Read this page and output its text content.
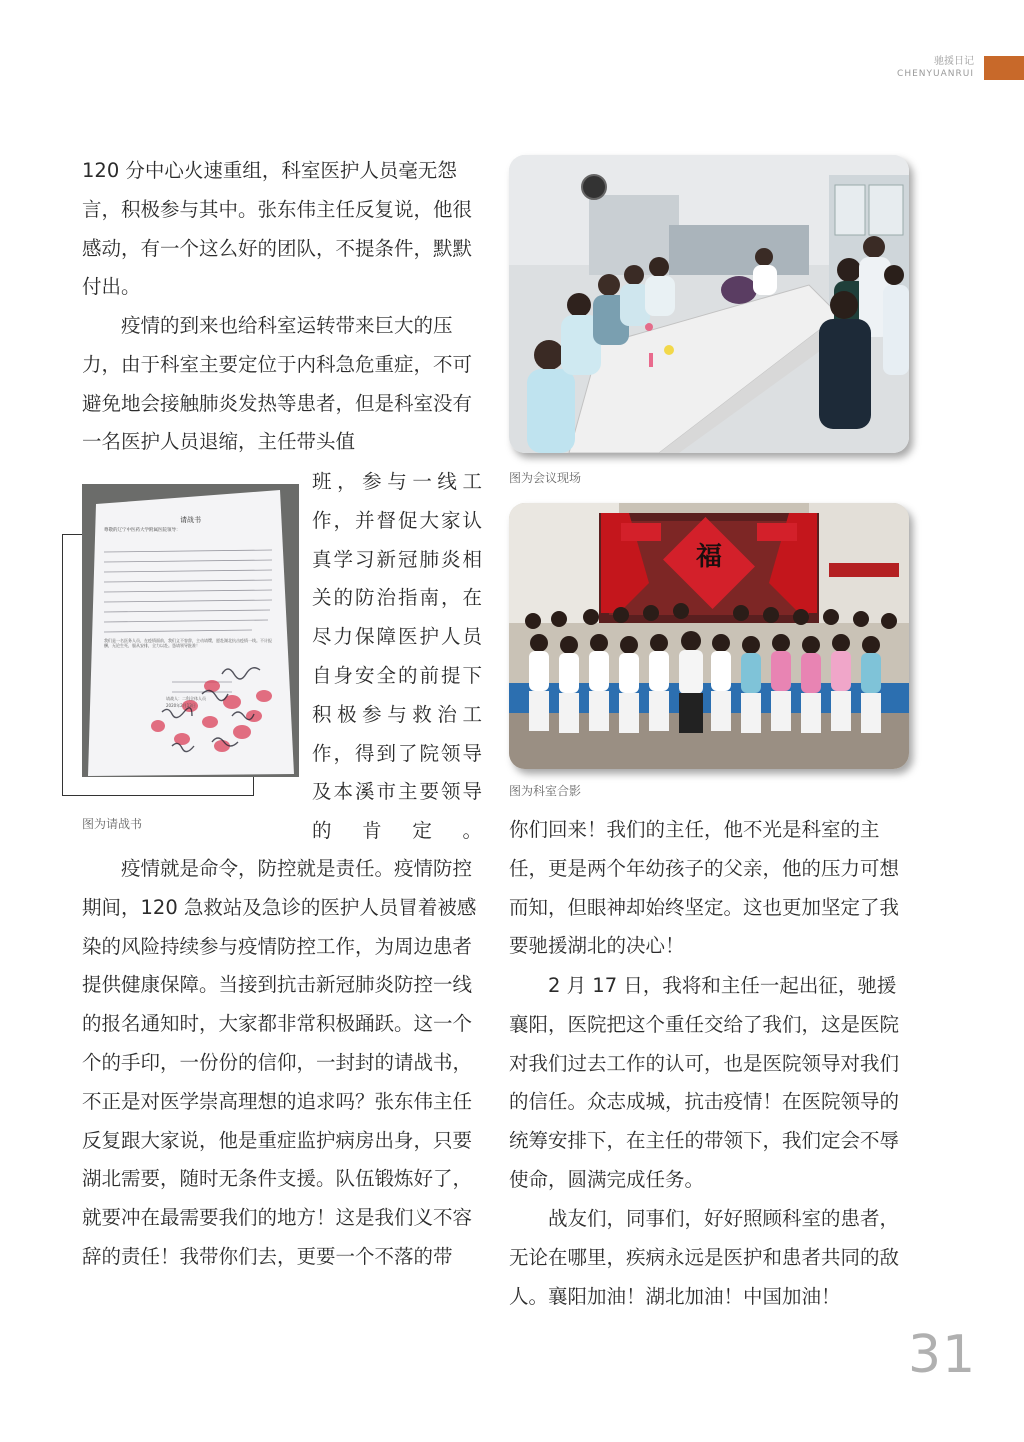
驰援日记
CHENYUANRUI

120 分中心火速重组，科室医护人员毫无怨言，积极参与其中。张东伟主任反复说，他很感动，有一个这么好的团队，不提条件，默默付出。

疫情的到来也给科室运转带来巨大的压力，由于科室主要定位于内科急危重症，不可避免地会接触肺炎发热等患者，但是科室没有一名医护人员退缩，主任带头值

班，参与一线工作，并督促大家认真学习新冠肺炎相关的防治指南，在尽力保障医护人员自身安全的前提下积极参与救治工作，得到了院领导及本溪市主要领导的肯定。

疫情就是命令，防控就是责任。疫情防控期间，120 急救站及急诊的医护人员冒着被感染的风险持续参与疫情防控工作，为周边患者提供健康保障。当接到抗击新冠肺炎防控一线的报名通知时，大家都非常积极踊跃。这一个个的手印，一份份的信仰，一封封的请战书，不正是对医学崇高理想的追求吗？张东伟主任反复跟大家说，他是重症监护病房出身，只要湖北需要，随时无条件支援。队伍锻炼好了，就要冲在最需要我们的地方！这是我们义不容辞的责任！我带你们去，更要一个不落的带

请战书
尊敬的辽宁中医药大学附属医院领导：
我们是一名医务人员，在疫情面前，我们义不容辞，主动请缨，愿赴湖北抗击疫情一线。不计报酬，无论生死，服从安排，全力以赴。恳请领导批准！
请战人：二科全体人员
2020年2月13日
图为请战书
图为会议现场
福
图为科室合影

你们回来！我们的主任，他不光是科室的主任，更是两个年幼孩子的父亲，他的压力可想而知，但眼神却始终坚定。这也更加坚定了我要驰援湖北的决心！

2 月 17 日，我将和主任一起出征，驰援襄阳，医院把这个重任交给了我们，这是医院对我们过去工作的认可，也是医院领导对我们的信任。众志成城，抗击疫情！在医院领导的统筹安排下，在主任的带领下，我们定会不辱使命，圆满完成任务。

战友们，同事们，好好照顾科室的患者，无论在哪里，疾病永远是医护和患者共同的敌人。襄阳加油！湖北加油！中国加油！

31
